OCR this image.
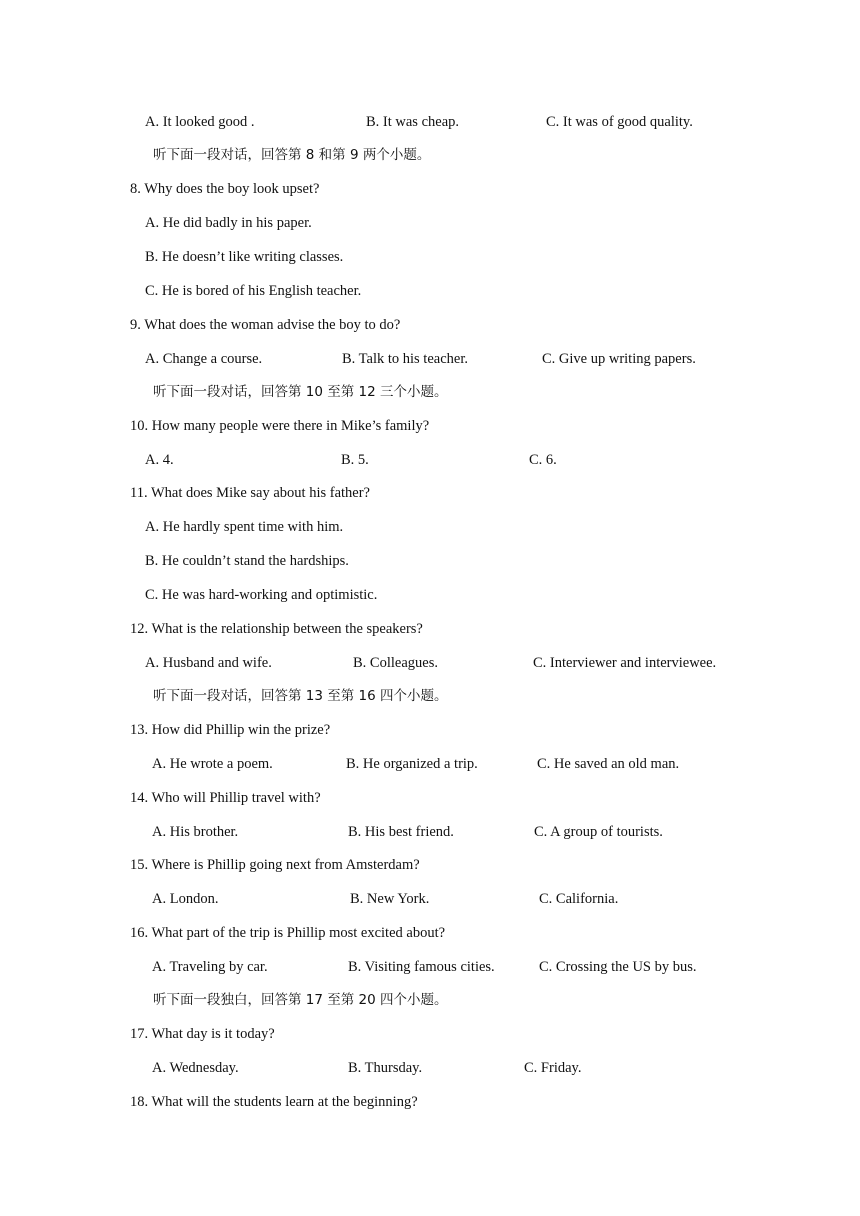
A. It looked good .	B. It was cheap.	C. It was of good quality.
听下面一段对话，回答第 8 和第 9 两个小题。
8. Why does the boy look upset?
A. He did badly in his paper.
B. He doesn’t like writing classes.
C. He is bored of his English teacher.
9. What does the woman advise the boy to do?
A. Change a course.	B. Talk to his teacher.	C. Give up writing papers.
听下面一段对话，回答第 10 至第 12 三个小题。
10. How many people were there in Mike’s family?
A. 4.	B. 5.	C. 6.
11. What does Mike say about his father?
A. He hardly spent time with him.
B. He couldn’t stand the hardships.
C. He was hard-working and optimistic.
12. What is the relationship between the speakers?
A. Husband and wife.	B. Colleagues.	C. Interviewer and interviewee.
听下面一段对话，回答第 13 至第 16 四个小题。
13. How did Phillip win the prize?
A. He wrote a poem.	B. He organized a trip.	C. He saved an old man.
14. Who will Phillip travel with?
A. His brother.	B. His best friend.	C. A group of tourists.
15. Where is Phillip going next from Amsterdam?
A. London.	B. New York.	C. California.
16. What part of the trip is Phillip most excited about?
A. Traveling by car.	B. Visiting famous cities.	C. Crossing the US by bus.
听下面一段独白，回答第 17 至第 20 四个小题。
17. What day is it today?
A. Wednesday.	B. Thursday.	C. Friday.
18. What will the students learn at the beginning?
